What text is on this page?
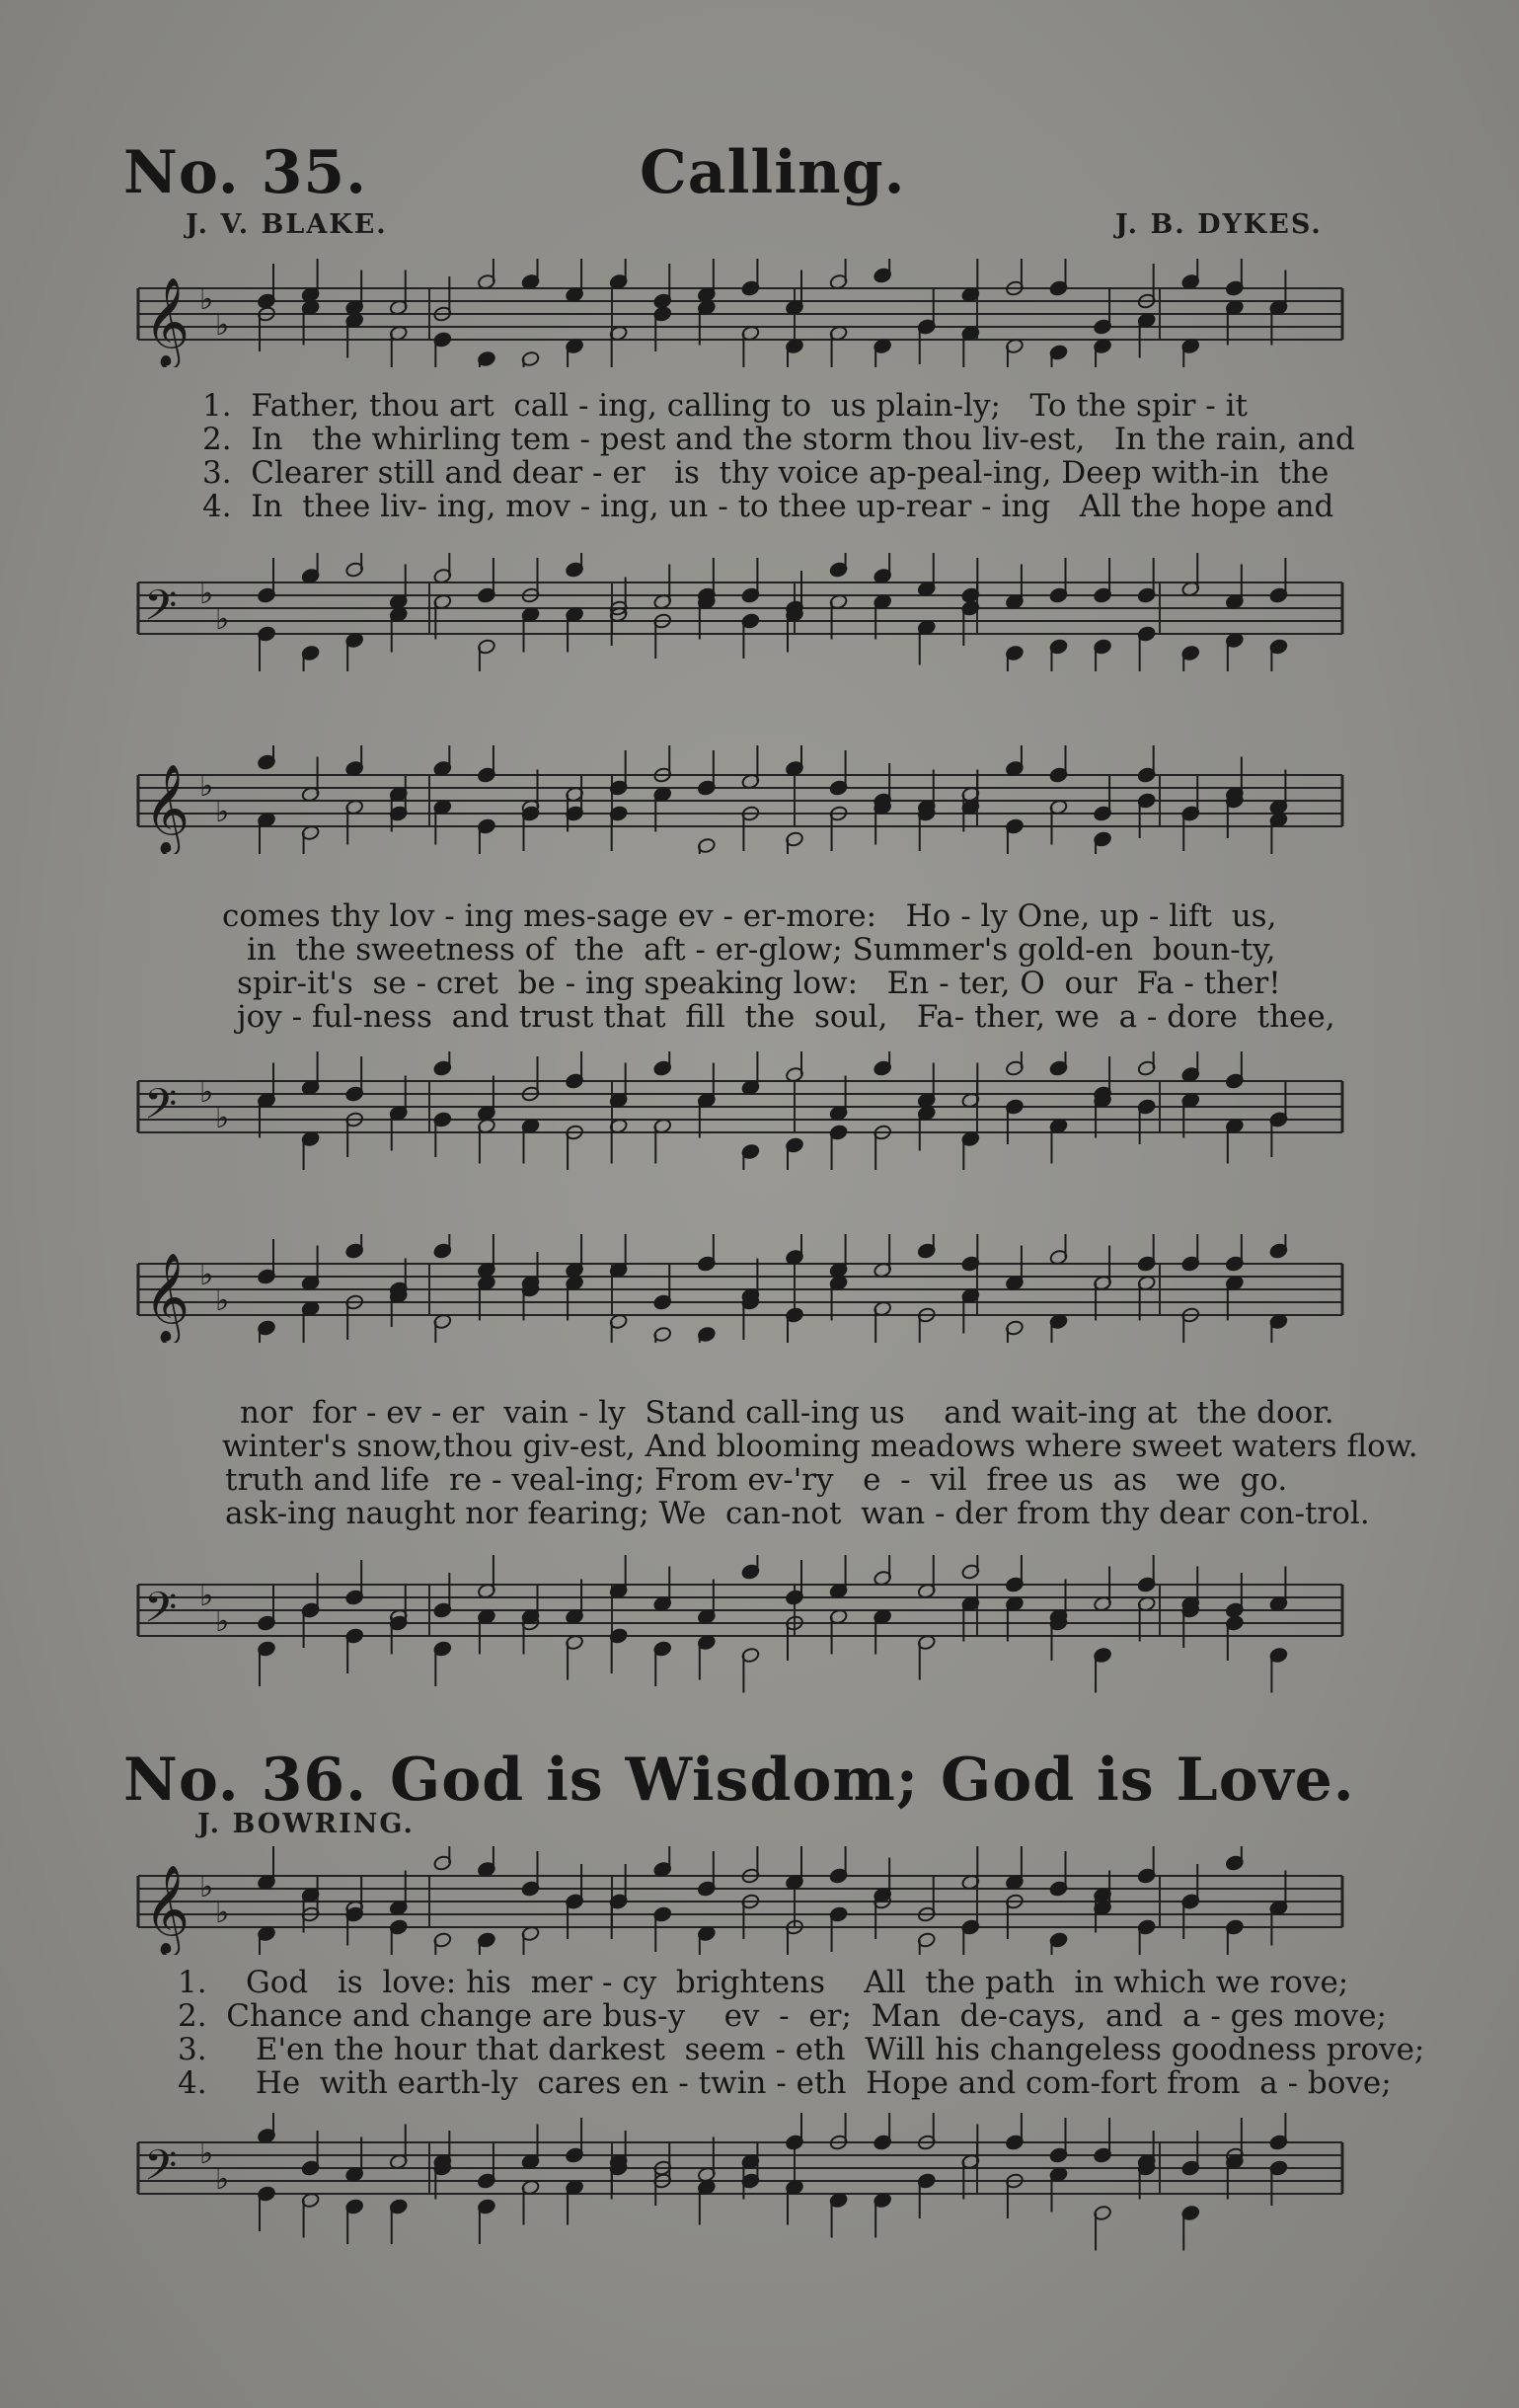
No. 35.	Calling.
J. V. BLAKE.	J. B. DYKES.
𝄞 ♭
♭
1.  Father, thou art  call - ing, calling to  us plain-ly;   To the spir - it
2.  In   the whirling tem - pest and the storm thou liv-est,   In the rain, and
3.  Clearer still and dear - er   is  thy voice ap-peal-ing, Deep with-in  the
4.  In  thee liv- ing, mov - ing, un - to thee up-rear - ing   All the hope and
𝄢 ♭
♭
𝄞 ♭
♭
comes thy lov - ing mes-sage ev - er-more:   Ho - ly One, up - lift  us,
in  the sweetness of  the  aft - er-glow; Summer's gold-en  boun-ty,
spir-it's  se - cret  be - ing speaking low:   En - ter, O  our  Fa - ther!
joy - ful-ness  and trust that  fill  the  soul,   Fa- ther, we  a - dore  thee,
𝄢 ♭
♭
𝄞 ♭
♭
nor  for - ev - er  vain - ly  Stand call-ing us    and wait-ing at  the door.
winter's snow,thou giv-est, And blooming meadows where sweet waters flow.
truth and life  re - veal-ing; From ev-'ry   e  -  vil  free us  as   we  go.
ask-ing naught nor fearing; We  can-not  wan - der from thy dear con-trol.
𝄢 ♭
♭
No. 36. God is Wisdom; God is Love.
J. BOWRING.
𝄞 ♭
♭
1.    God   is  love: his  mer - cy  brightens    All  the path  in which we rove;
2.  Chance and change are bus-y    ev  -  er;  Man  de-cays,  and  a - ges move;
3.     E'en the hour that darkest  seem - eth  Will his changeless goodness prove;
4.     He  with earth-ly  cares en - twin - eth  Hope and com-fort from  a - bove;
𝄢 ♭
♭
